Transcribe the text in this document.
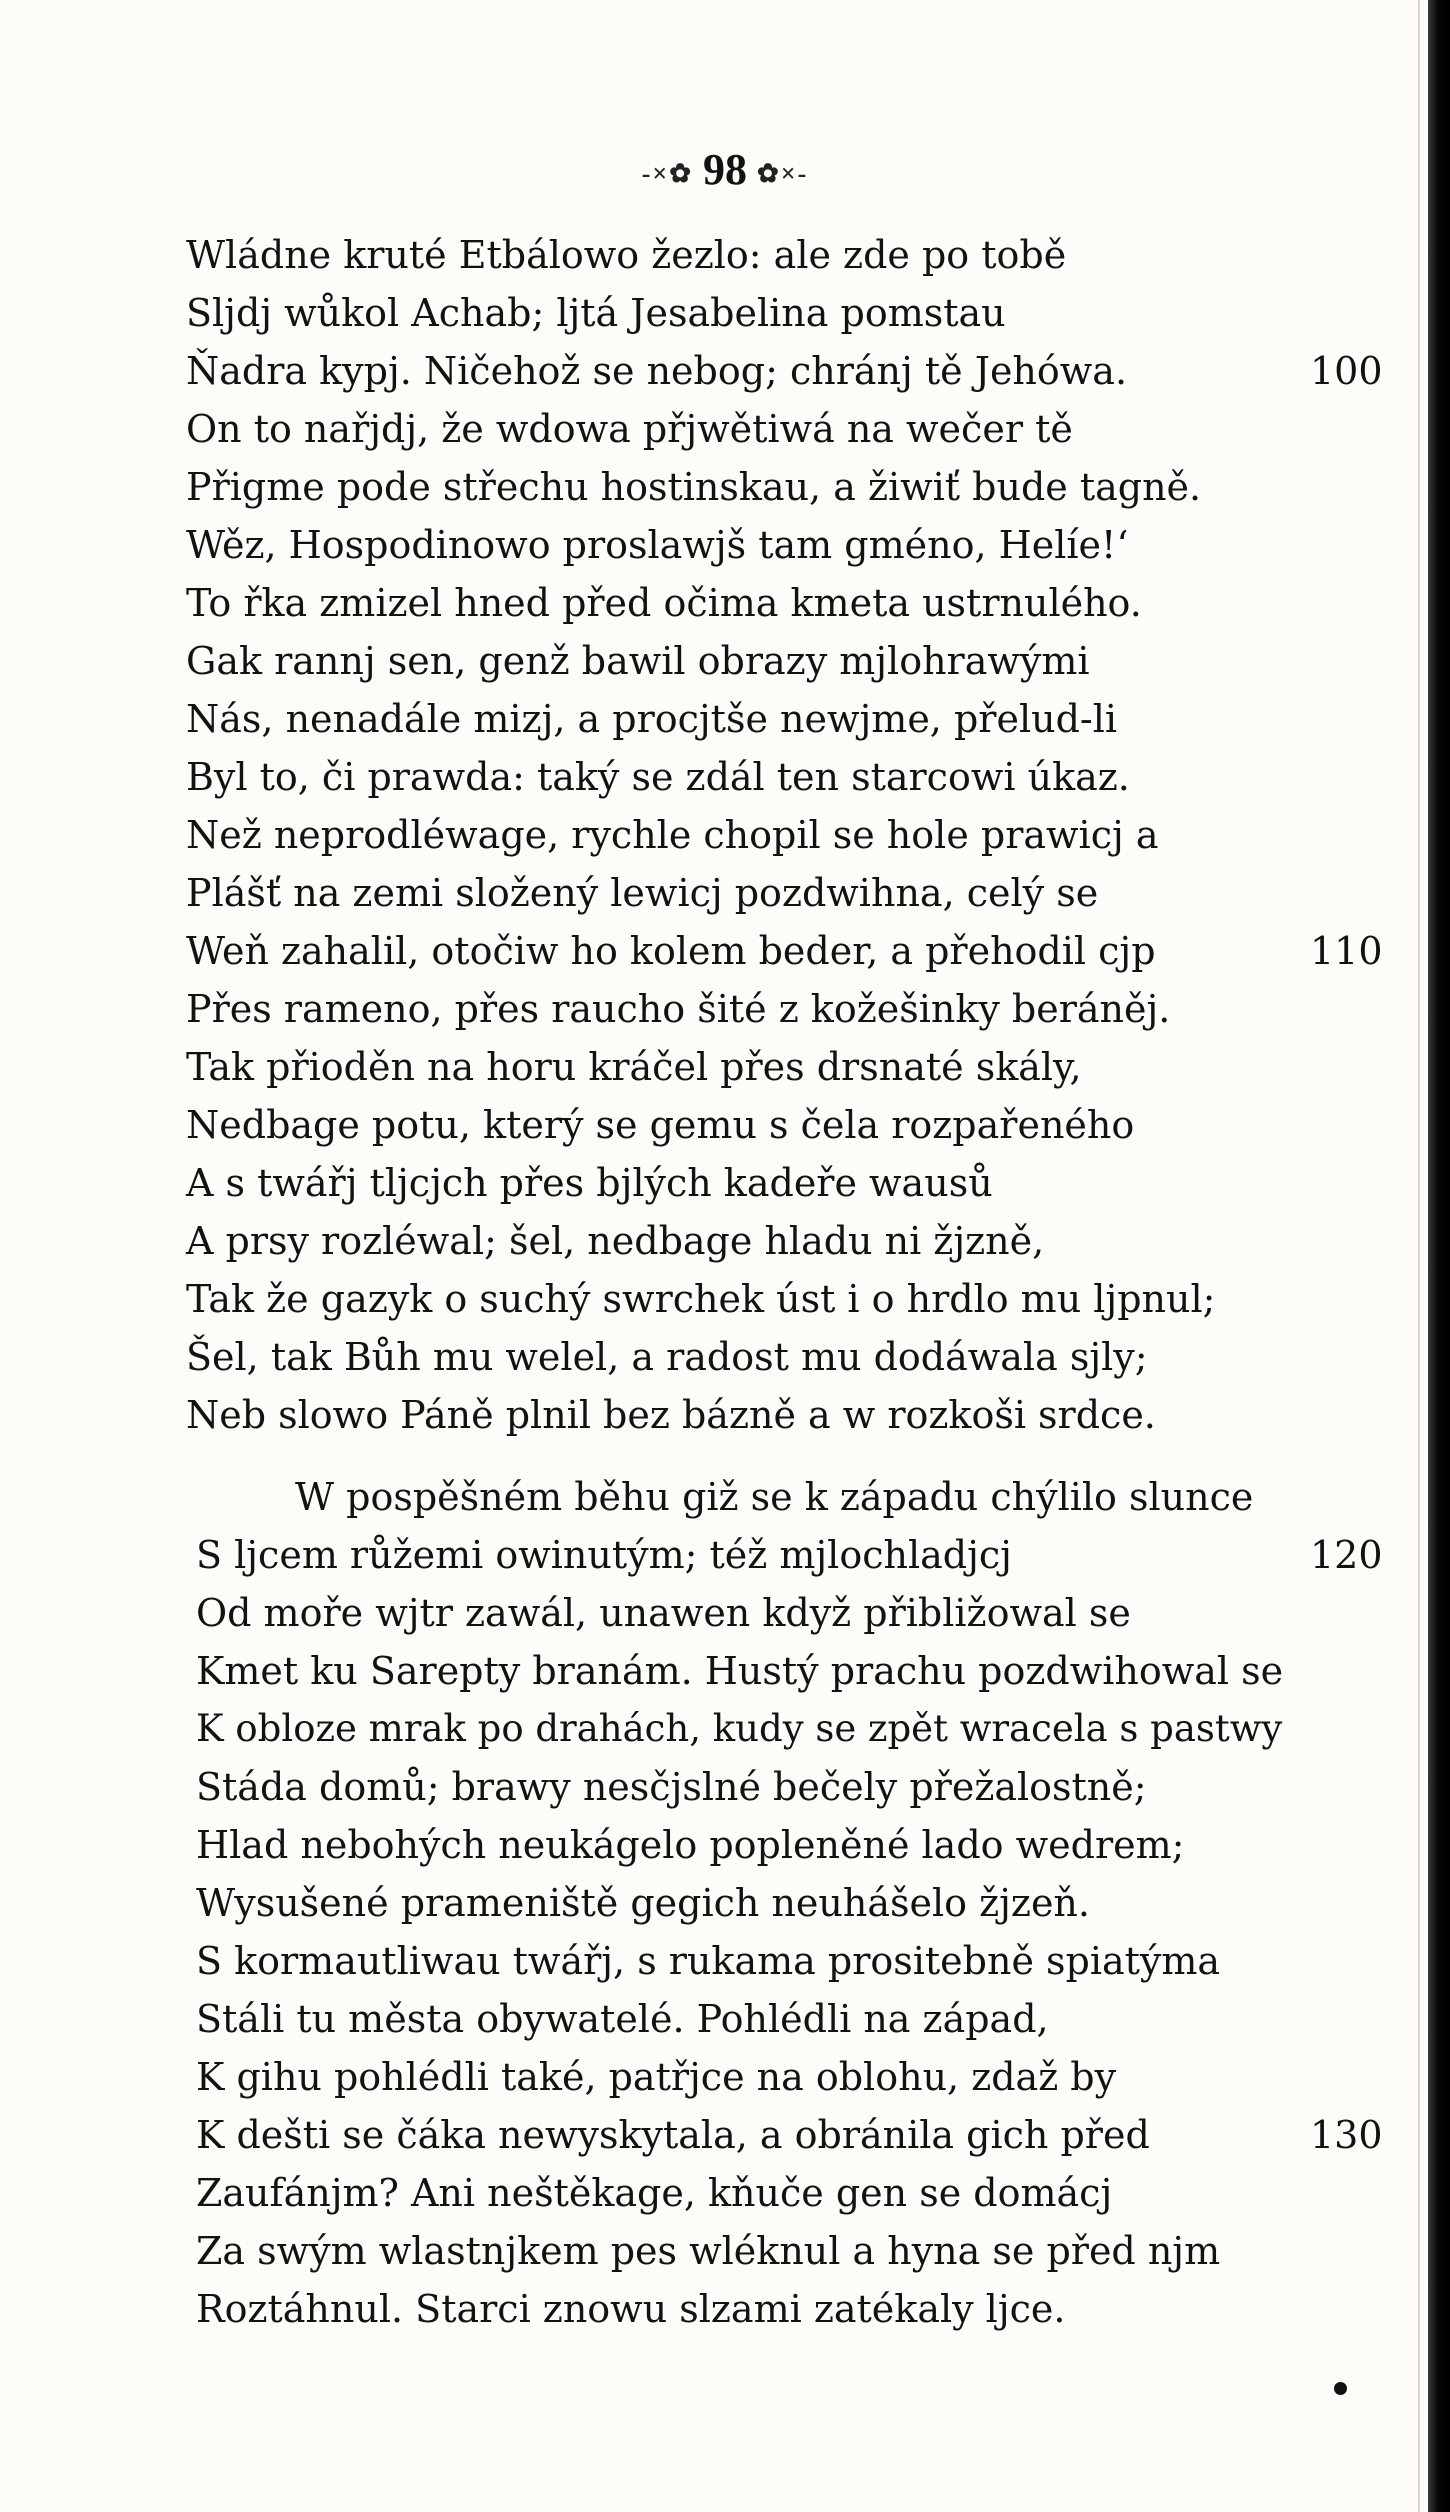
-×✿ 98 ✿×-
Wládne kruté Etbálowo žezlo: ale zde po tobě
Sljdj wůkol Achab; ljtá Jesabelina pomstau
Ňadra kypj. Ničehož se nebog; chránj tě Jehówa.	100
On to nařjdj, že wdowa přjwětiwá na wečer tě
Přigme pode střechu hostinskau, a žiwiť bude tagně.
Wěz, Hospodinowo proslawjš tam gméno, Helíe!‘
To řka zmizel hned před očima kmeta ustrnulého.
Gak rannj sen, genž bawil obrazy mjlohrawými
Nás, nenadále mizj, a procjtše newjme, přelud-li
Byl to, či prawda: taký se zdál ten starcowi úkaz.
Než neprodléwage, rychle chopil se hole prawicj a
Plášť na zemi složený lewicj pozdwihna, celý se
Weň zahalil, otočiw ho kolem beder, a přehodil cjp	110
Přes rameno, přes raucho šité z kožešinky beráněj.
Tak přioděn na horu kráčel přes drsnaté skály,
Nedbage potu, který se gemu s čela rozpařeného
A s twářj tljcjch přes bjlých kadeře wausů
A prsy rozléwal; šel, nedbage hladu ni žjzně,
Tak že gazyk o suchý swrchek úst i o hrdlo mu ljpnul;
Šel, tak Bůh mu welel, a radost mu dodáwala sjly;
Neb slowo Páně plnil bez bázně a w rozkoši srdce.
W pospěšném běhu giž se k západu chýlilo slunce
S ljcem růžemi owinutým; též mjlochladjcj	120
Od moře wjtr zawál, unawen když přibližowal se
Kmet ku Sarepty branám. Hustý prachu pozdwihowal se
K obloze mrak po drahách, kudy se zpět wracela s pastwy
Stáda domů; brawy nesčjslné bečely přežalostně;
Hlad nebohých neukágelo popleněné lado wedrem;
Wysušené prameniště gegich neuhášelo žjzeň.
S kormautliwau twářj, s rukama prositebně spiatýma
Stáli tu města obywatelé. Pohlédli na západ,
K gihu pohlédli také, patřjce na oblohu, zdaž by
K dešti se čáka newyskytala, a obránila gich před	130
Zaufánjm? Ani neštěkage, kňuče gen se domácj
Za swým wlastnjkem pes wléknul a hyna se před njm
Roztáhnul. Starci znowu slzami zatékaly ljce.
